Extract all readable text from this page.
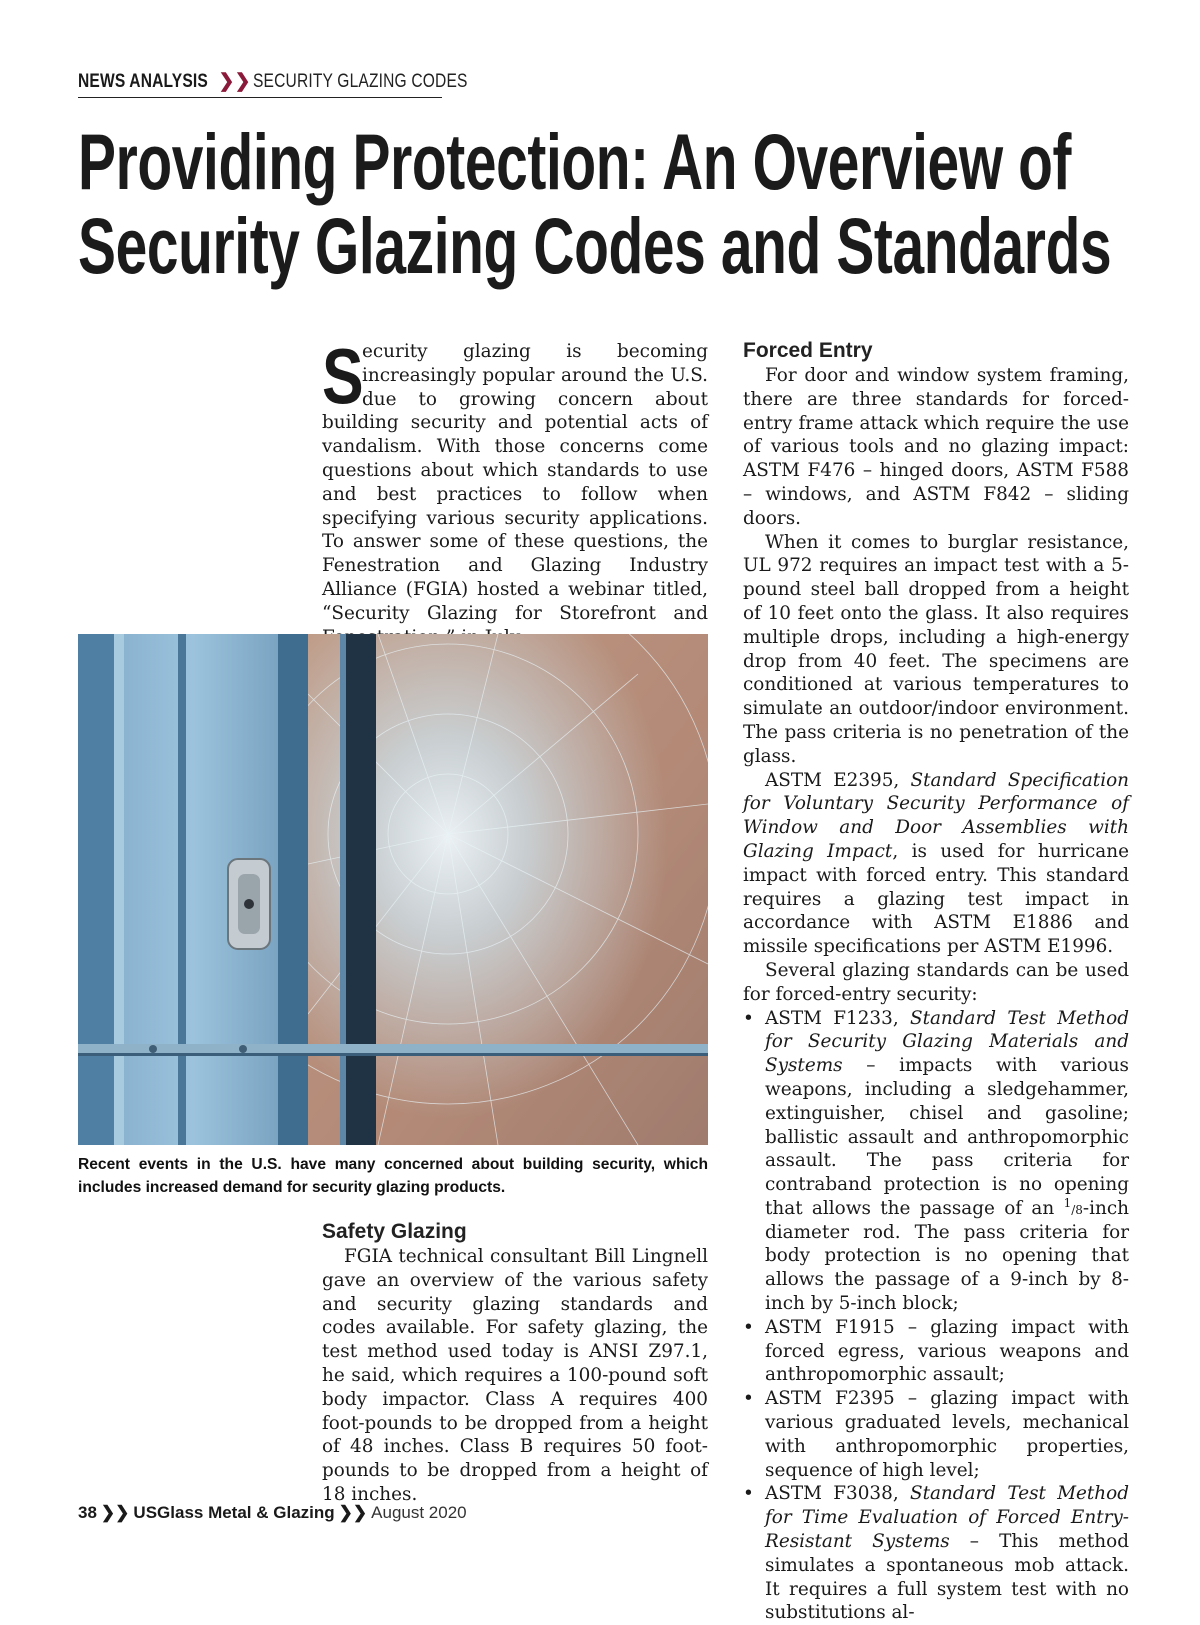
NEWS ANALYSIS ❯❯ SECURITY GLAZING CODES
Providing Protection: An Overview of
Security Glazing Codes and Standards

S
ecurity glazing is becoming increasingly popular around the U.S. due to growing concern about building security and potential acts of vandalism. With those concerns come questions about which standards to use and best practices to follow when specifying various security applications. To answer some of these questions, the Fenestration and Glazing Industry Alliance (FGIA) hosted a webinar titled, “Security Glazing for Storefront and

Recent events in the U.S. have many concerned about building security, which includes increased demand for security glazing products.

Safety Glazing

FGIA technical consultant Bill Lingnell gave an overview of the various safety and security glazing standards and codes available. For safety glazing, the test method used today is ANSI Z97.1, he said, which requires a 100-pound soft body impactor. Class A requires 400 foot-pounds to be dropped from a height of 48 inches. Class B requires 50 foot-pounds to be dropped from a height of 18 inches.

Forced Entry

For door and window system framing, there are three standards for forced-entry frame attack which require the use of various tools and no glazing impact: ASTM F476 – hinged doors, ASTM F588 – windows, and ASTM F842 – sliding doors.

When it comes to burglar resistance, UL 972 requires an impact test with a 5-pound steel ball dropped from a height of 10 feet onto the glass. It also requires multiple drops, including a high-energy drop from 40 feet. The specimens are conditioned at various temperatures to simulate an outdoor/indoor environment. The pass criteria is no penetration of the glass.

ASTM E2395, Standard Specification for Voluntary Security Performance of Window and Door Assemblies with Glazing Impact, is used for hurricane impact with forced entry. This standard requires a glazing test impact in accordance with ASTM E1886 and missile specifications per ASTM E1996.

Several glazing standards can be used for forced-entry security:

• ASTM F1233, Standard Test Method for Security Glazing Materials and Systems – impacts with various weapons, including a sledgehammer, extinguisher, chisel and gasoline; ballistic assault and anthropomorphic assault. The pass criteria for contraband protection is no opening that allows the passage of an $^1$/8-inch diameter rod. The pass criteria for body protection is no opening that allows the passage of a 9-inch by 8-inch by 5-inch block;
• ASTM F1915 – glazing impact with forced egress, various weapons and anthropomorphic assault;
• ASTM F2395 – glazing impact with various graduated levels, mechanical with anthropomorphic properties, sequence of high level;
• ASTM F3038, Standard Test Method for Time Evaluation of Forced Entry-Resistant Systems – This method simulates a spontaneous mob attack. It requires a full system test with no substitutions al-
38 ❯❯ USGlass Metal & Glazing ❯❯ August 2020
